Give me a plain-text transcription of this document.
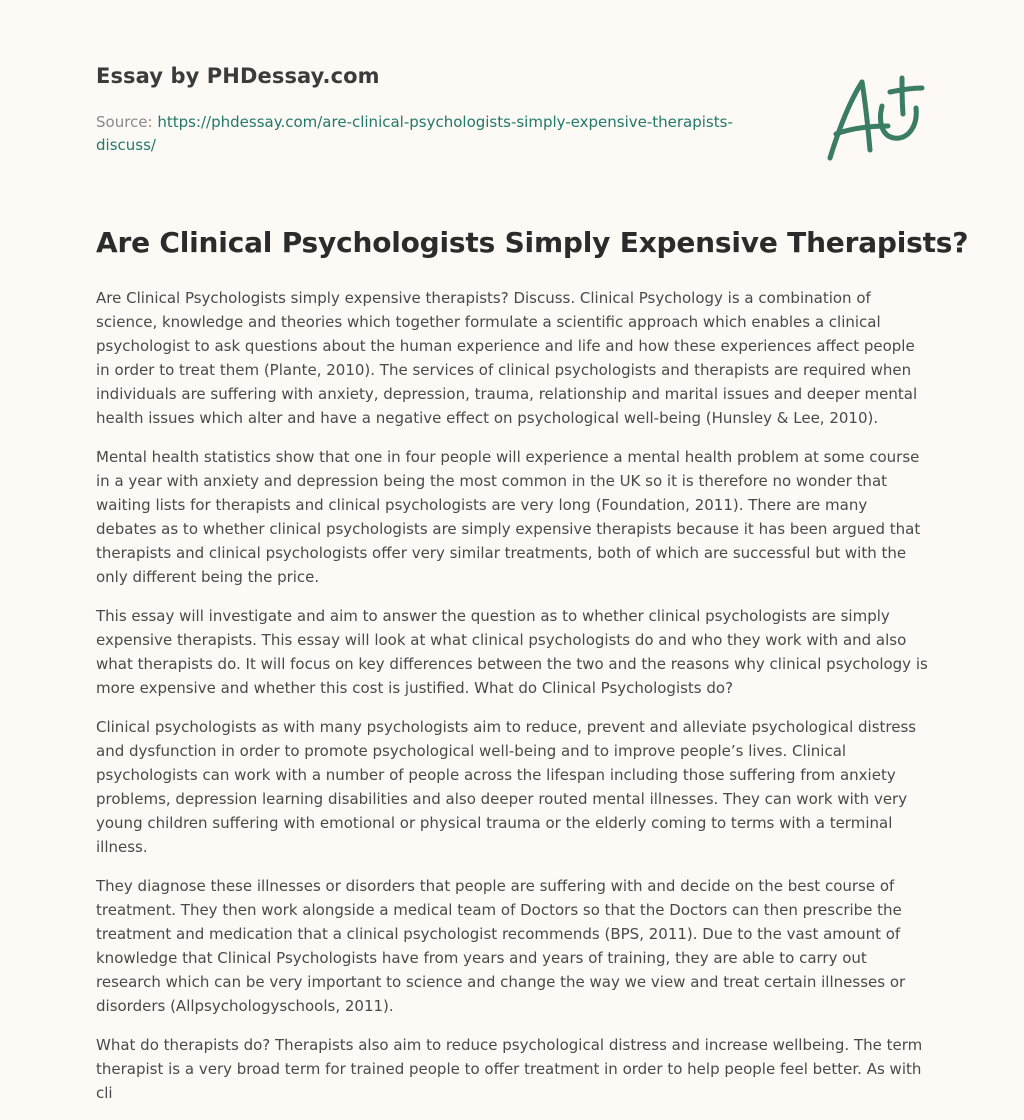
Essay by PHDessay.com
Source: https://phdessay.com/are-clinical-psychologists-simply-expensive-therapists-discuss/
Are Clinical Psychologists Simply Expensive Therapists?

Are Clinical Psychologists simply expensive therapists? Discuss. Clinical Psychology is a combination of science, knowledge and theories which together formulate a scientific approach which enables a clinical psychologist to ask questions about the human experience and life and how these experiences affect people in order to treat them (Plante, 2010). The services of clinical psychologists and therapists are required when individuals are suffering with anxiety, depression, trauma, relationship and marital issues and deeper mental health issues which alter and have a negative effect on psychological well-being (Hunsley & Lee, 2010).

Mental health statistics show that one in four people will experience a mental health problem at some course in a year with anxiety and depression being the most common in the UK so it is therefore no wonder that waiting lists for therapists and clinical psychologists are very long (Foundation, 2011). There are many debates as to whether clinical psychologists are simply expensive therapists because it has been argued that therapists and clinical psychologists offer very similar treatments, both of which are successful but with the only different being the price.

This essay will investigate and aim to answer the question as to whether clinical psychologists are simply expensive therapists. This essay will look at what clinical psychologists do and who they work with and also what therapists do. It will focus on key differences between the two and the reasons why clinical psychology is more expensive and whether this cost is justified. What do Clinical Psychologists do?

Clinical psychologists as with many psychologists aim to reduce, prevent and alleviate psychological distress and dysfunction in order to promote psychological well-being and to improve people’s lives. Clinical psychologists can work with a number of people across the lifespan including those suffering from anxiety problems, depression learning disabilities and also deeper routed mental illnesses. They can work with very young children suffering with emotional or physical trauma or the elderly coming to terms with a terminal illness.

They diagnose these illnesses or disorders that people are suffering with and decide on the best course of treatment. They then work alongside a medical team of Doctors so that the Doctors can then prescribe the treatment and medication that a clinical psychologist recommends (BPS, 2011). Due to the vast amount of knowledge that Clinical Psychologists have from years and years of training, they are able to carry out research which can be very important to science and change the way we view and treat certain illnesses or disorders (Allpsychologyschools, 2011).

What do therapists do? Therapists also aim to reduce psychological distress and increase wellbeing. The term therapist is a very broad term for trained people to offer treatment in order to help people feel better. As with cli
